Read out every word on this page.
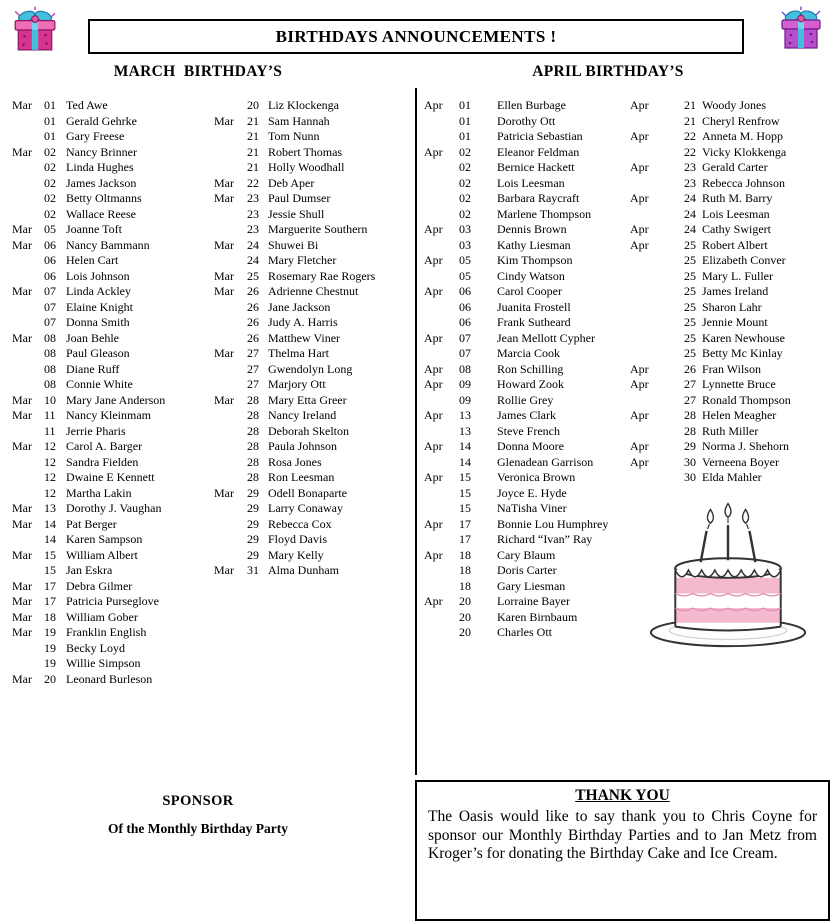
BIRTHDAYS ANNOUNCEMENTS !
MARCH  BIRTHDAY’S	APRIL BIRTHDAY’S
Mar	01 Ted Awe
01 Gerald Gehrke
01 Gary Freese
Mar	02 Nancy Brinner
02 Linda Hughes
02 James Jackson
02 Betty Oltmanns
02 Wallace Reese
Mar	05 Joanne Toft
Mar	06 Nancy Bammann
06 Helen Cart
06 Lois Johnson
Mar	07 Linda Ackley
07 Elaine Knight
07 Donna Smith
Mar	08 Joan Behle
08 Paul Gleason
08 Diane Ruff
08 Connie White
Mar	10 Mary Jane Anderson
Mar	11 Nancy Kleinmam
11 Jerrie Pharis
Mar	12 Carol A. Barger
12 Sandra Fielden
12 Dwaine E Kennett
12 Martha Lakin
Mar	13 Dorothy J. Vaughan
Mar	14 Pat Berger
14 Karen Sampson
Mar	15 William Albert
15 Jan Eskra
Mar	17 Debra Gilmer
Mar	17 Patricia Purseglove
Mar	18 William Gober
Mar	19 Franklin English
19 Becky Loyd
19 Willie Simpson
Mar	20 Leonard Burleson
20 Liz Klockenga
Mar	21 Sam Hannah
21 Tom Nunn
21 Robert Thomas
21 Holly Woodhall
Mar	22 Deb Aper
Mar	23 Paul Dumser
23 Jessie Shull
23 Marguerite Southern
Mar	24 Shuwei Bi
24 Mary Fletcher
Mar	25 Rosemary Rae Rogers
Mar	26 Adrienne Chestnut
26 Jane Jackson
26 Judy A. Harris
26 Matthew Viner
Mar	27 Thelma Hart
27 Gwendolyn Long
27 Marjory Ott
Mar	28 Mary Etta Greer
28 Nancy Ireland
28 Deborah Skelton
28 Paula Johnson
28 Rosa Jones
28 Ron Leesman
Mar	29 Odell Bonaparte
29 Larry Conaway
29 Rebecca Cox
29 Floyd Davis
29 Mary Kelly
Mar	31 Alma Dunham
Apr	01	Ellen Burbage
01	Dorothy Ott
01	Patricia Sebastian
Apr	02	Eleanor Feldman
02	Bernice Hackett
02	Lois Leesman
02	Barbara Raycraft
02	Marlene Thompson
Apr	03	Dennis Brown
03	Kathy Liesman
Apr	05	Kim Thompson
05	Cindy Watson
Apr	06	Carol Cooper
06	Juanita Frostell
06	Frank Sutheard
Apr	07	Jean Mellott Cypher
07	Marcia Cook
Apr	08	Ron Schilling
Apr	09	Howard Zook
09	Rollie Grey
Apr	13	James Clark
13	Steve French
Apr	14	Donna Moore
14	Glenadean Garrison
Apr	15	Veronica Brown
15	Joyce E. Hyde
15	NaTisha Viner
Apr	17	Bonnie Lou Humphrey
17	Richard “Ivan” Ray
Apr	18	Cary Blaum
18	Doris Carter
18	Gary Liesman
Apr	20	Lorraine Bayer
20	Karen Birnbaum
20	Charles Ott
Apr	21 Woody Jones
21 Cheryl Renfrow
Apr	22 Anneta M. Hopp
22 Vicky Klokkenga
Apr	23 Gerald Carter
23 Rebecca Johnson
Apr	24 Ruth M. Barry
24 Lois Leesman
Apr	24 Cathy Swigert
Apr	25 Robert Albert
25 Elizabeth Conver
25 Mary L. Fuller
25 James Ireland
25 Sharon Lahr
25 Jennie Mount
25 Karen Newhouse
25 Betty Mc Kinlay
Apr	26 Fran Wilson
Apr	27 Lynnette Bruce
27 Ronald Thompson
Apr	28 Helen Meagher
28 Ruth Miller
Apr	29 Norma J. Shehorn
Apr	30 Verneena Boyer
30 Elda Mahler
SPONSOR
Of the Monthly Birthday Party
THANK YOU

The Oasis would like to say thank you to Chris Coyne for sponsor our Monthly Birthday Parties and to Jan Metz from Kroger’s for donating the Birthday Cake and Ice Cream.
